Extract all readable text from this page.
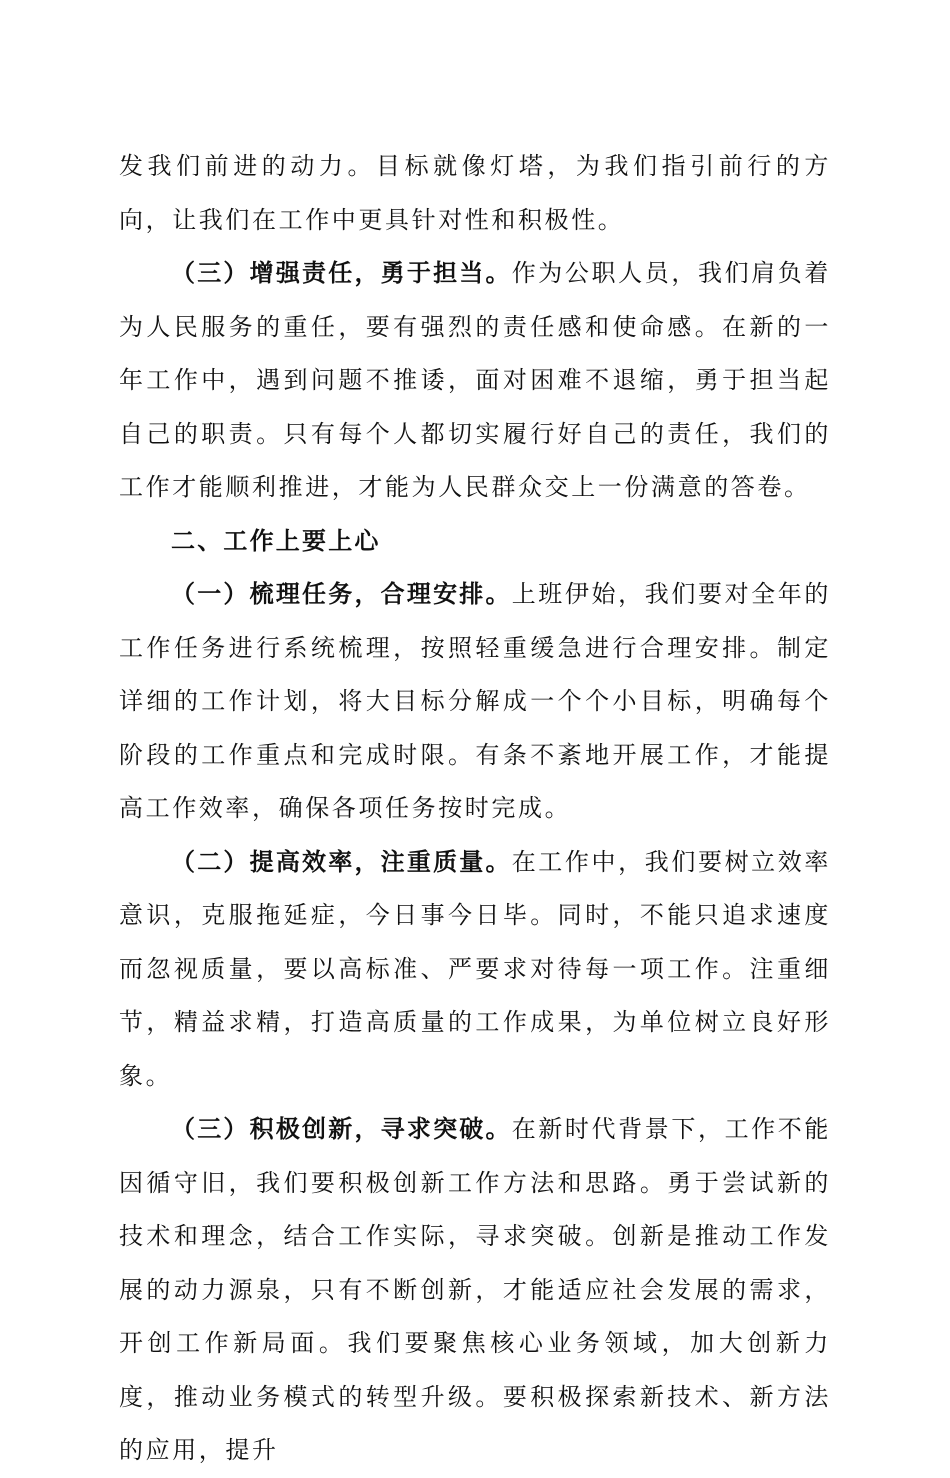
发我们前进的动力。目标就像灯塔，为我们指引前行的方向，让我们在工作中更具针对性和积极性。

（三）增强责任，勇于担当。作为公职人员，我们肩负着为人民服务的重任，要有强烈的责任感和使命感。在新的一年工作中，遇到问题不推诿，面对困难不退缩，勇于担当起自己的职责。只有每个人都切实履行好自己的责任，我们的工作才能顺利推进，才能为人民群众交上一份满意的答卷。

二、工作上要上心

（一）梳理任务，合理安排。上班伊始，我们要对全年的工作任务进行系统梳理，按照轻重缓急进行合理安排。制定详细的工作计划，将大目标分解成一个个小目标，明确每个阶段的工作重点和完成时限。有条不紊地开展工作，才能提高工作效率，确保各项任务按时完成。

（二）提高效率，注重质量。在工作中，我们要树立效率意识，克服拖延症，今日事今日毕。同时，不能只追求速度而忽视质量，要以高标准、严要求对待每一项工作。注重细节，精益求精，打造高质量的工作成果，为单位树立良好形象。

（三）积极创新，寻求突破。在新时代背景下，工作不能因循守旧，我们要积极创新工作方法和思路。勇于尝试新的技术和理念，结合工作实际，寻求突破。创新是推动工作发展的动力源泉，只有不断创新，才能适应社会发展的需求，开创工作新局面。我们要聚焦核心业务领域，加大创新力度，推动业务模式的转型升级。要积极探索新技术、新方法的应用，提升
